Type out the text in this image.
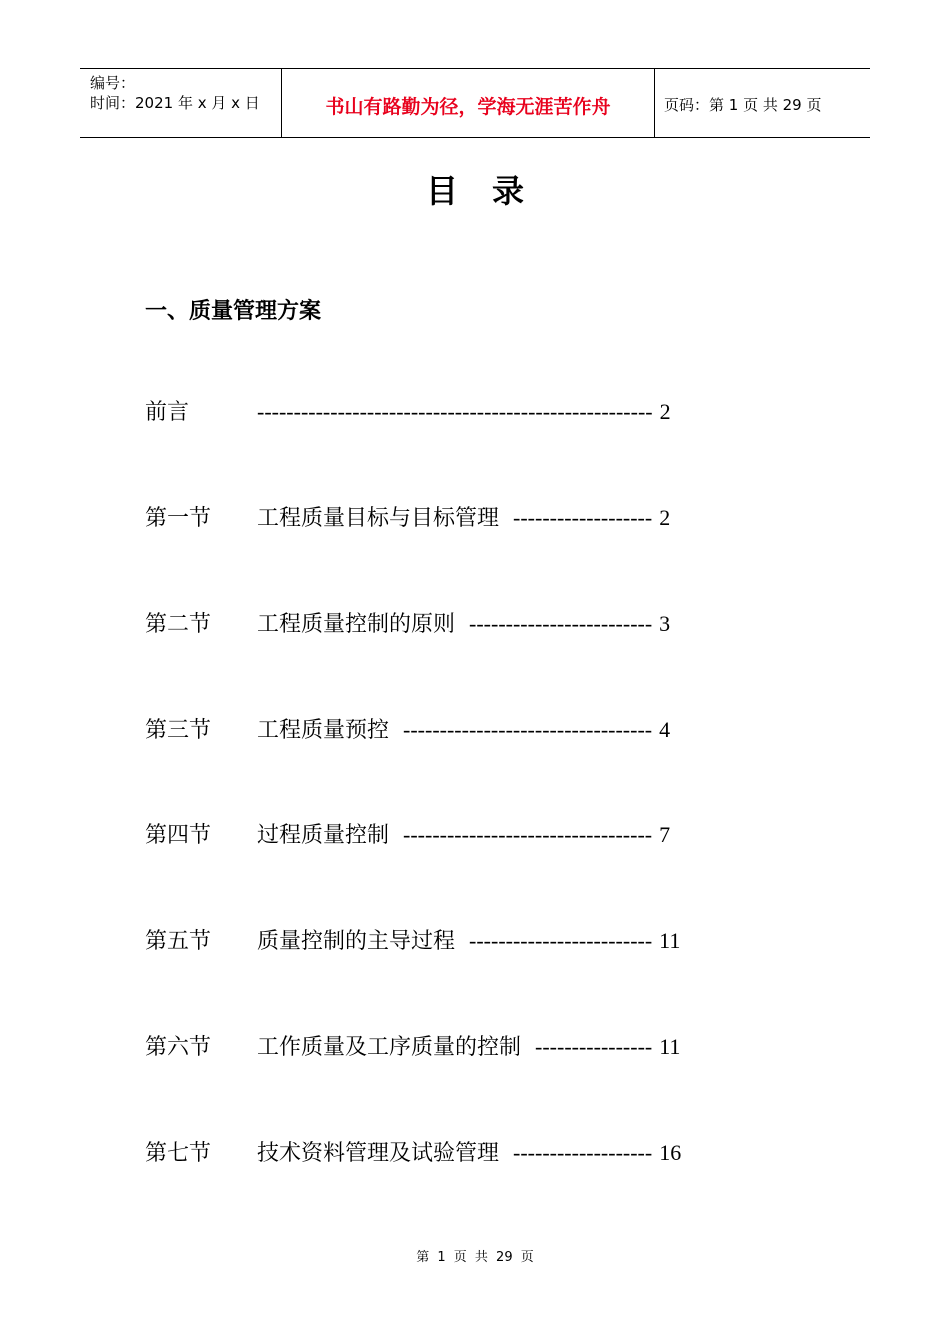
编号：
时间：2021 年 x 月 x 日	书山有路勤为径，学海无涯苦作舟	页码：第 1 页 共 29 页
目录
一、质量管理方案
前言	------------------------------------------------------ 2
第一节 工程质量目标与目标管理 ------------------- 2
第二节 工程质量控制的原则 ------------------------- 3
第三节 工程质量预控 ---------------------------------- 4
第四节 过程质量控制 ---------------------------------- 7
第五节 质量控制的主导过程 ------------------------- 11
第六节 工作质量及工序质量的控制 ---------------- 11
第七节 技术资料管理及试验管理 ------------------- 16
第 1 页 共 29 页
